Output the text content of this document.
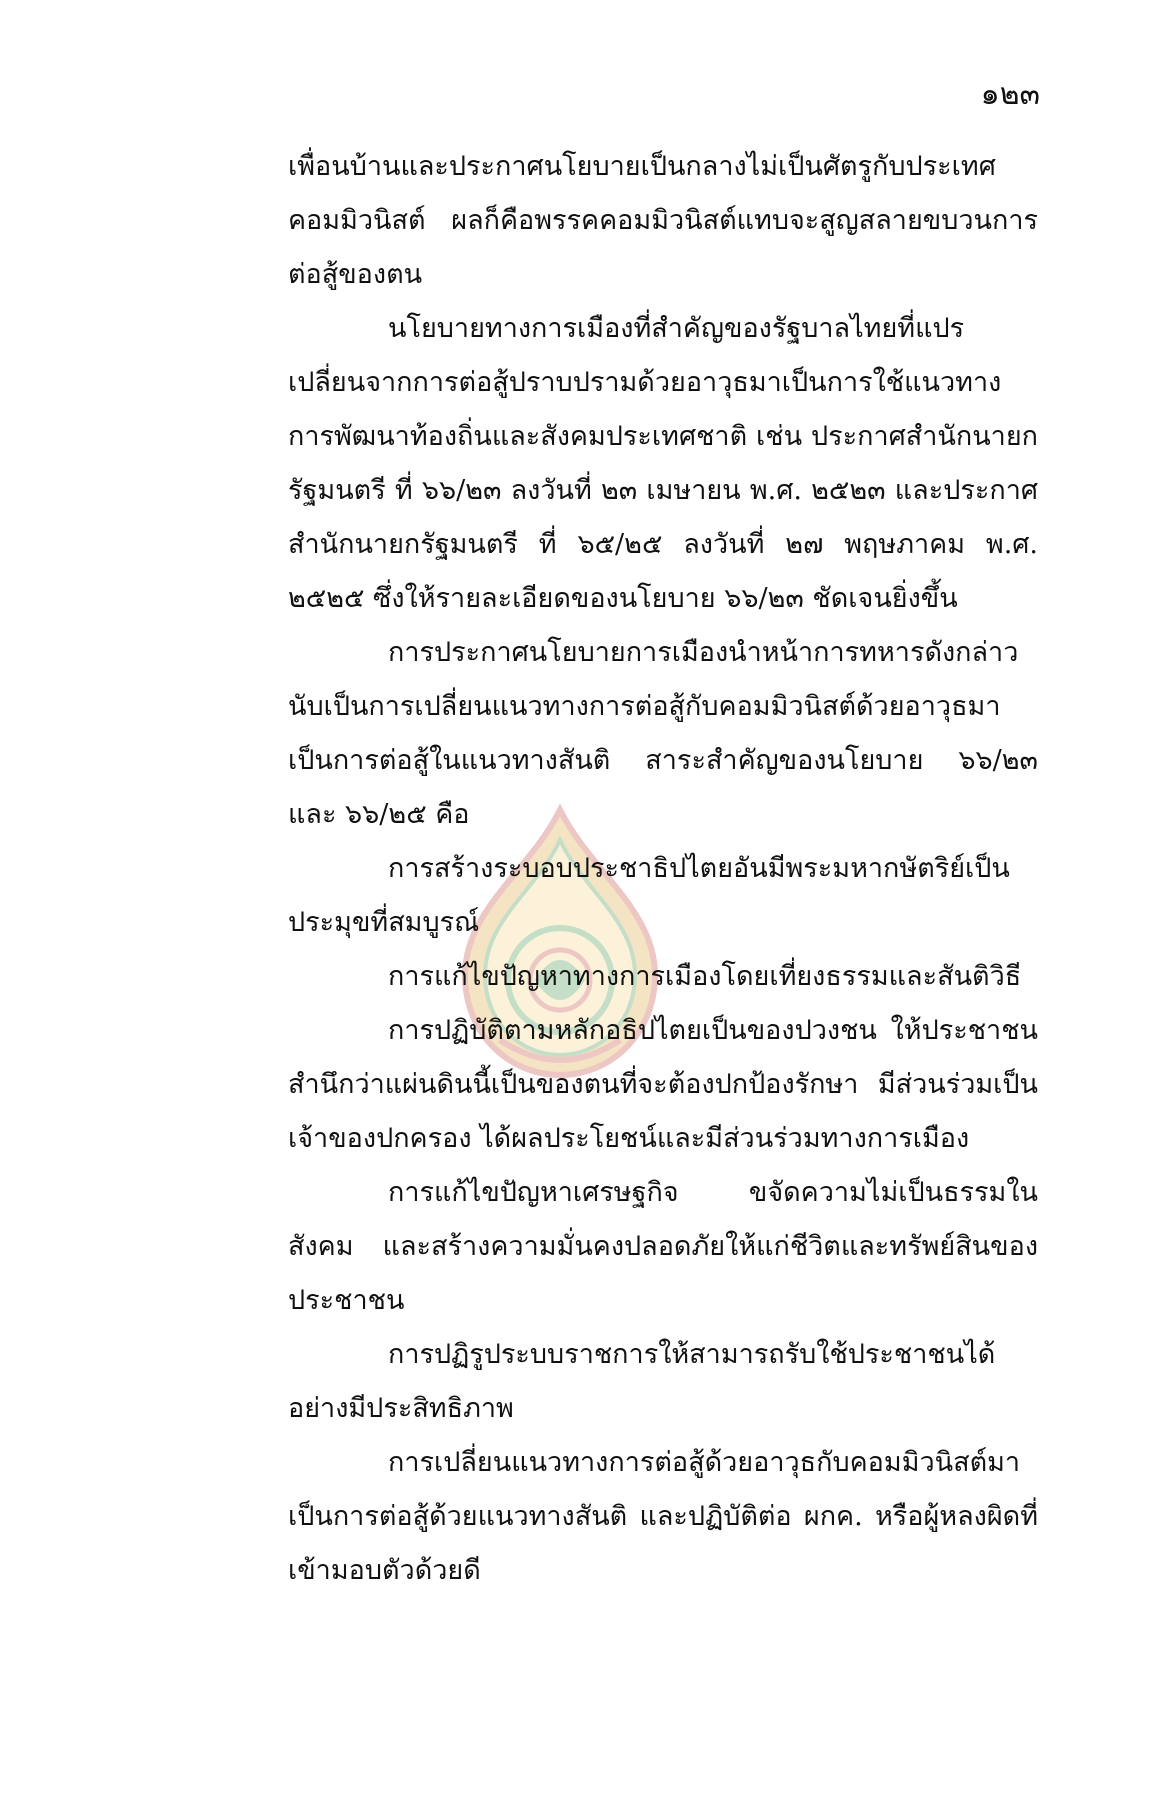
๑๒๓

เพื่อนบ้านและประกาศนโยบายเป็นกลางไม่เป็นศัตรูกับประเทศคอมมิวนิสต์ ผลก็คือพรรคคอมมิวนิสต์แทบจะสูญสลายขบวนการต่อสู้ของตน

นโยบายทางการเมืองที่สำคัญของรัฐบาลไทยที่แปรเปลี่ยนจากการต่อสู้ปราบปรามด้วยอาวุธมาเป็นการใช้แนวทางการพัฒนาท้องถิ่นและสังคมประเทศชาติ เช่น ประกาศสำนักนายกรัฐมนตรี ที่ ๖๖/๒๓ ลงวันที่ ๒๓ เมษายน พ.ศ. ๒๕๒๓ และประกาศสำนักนายกรัฐมนตรี ที่ ๖๕/๒๕ ลงวันที่ ๒๗ พฤษภาคม พ.ศ. ๒๕๒๕ ซึ่งให้รายละเอียดของนโยบาย ๖๖/๒๓ ชัดเจนยิ่งขึ้น

การประกาศนโยบายการเมืองนำหน้าการทหารดังกล่าวนับเป็นการเปลี่ยนแนวทางการต่อสู้กับคอมมิวนิสต์ด้วยอาวุธมาเป็นการต่อสู้ในแนวทางสันติ สาระสำคัญของนโยบาย ๖๖/๒๓ และ ๖๖/๒๕ คือ

การสร้างระบอบประชาธิปไตยอันมีพระมหากษัตริย์เป็นประมุขที่สมบูรณ์

การแก้ไขปัญหาทางการเมืองโดยเที่ยงธรรมและสันติวิธี

การปฏิบัติตามหลักอธิปไตยเป็นของปวงชน ให้ประชาชนสำนึกว่าแผ่นดินนี้เป็นของตนที่จะต้องปกป้องรักษา มีส่วนร่วมเป็นเจ้าของปกครอง ได้ผลประโยชน์และมีส่วนร่วมทางการเมือง

การแก้ไขปัญหาเศรษฐกิจ ขจัดความไม่เป็นธรรมในสังคม และสร้างความมั่นคงปลอดภัยให้แก่ชีวิตและทรัพย์สินของประชาชน

การปฏิรูประบบราชการให้สามารถรับใช้ประชาชนได้อย่างมีประสิทธิภาพ

การเปลี่ยนแนวทางการต่อสู้ด้วยอาวุธกับคอมมิวนิสต์มาเป็นการต่อสู้ด้วยแนวทางสันติ และปฏิบัติต่อ ผกค. หรือผู้หลงผิดที่เข้ามอบตัวด้วยดี
